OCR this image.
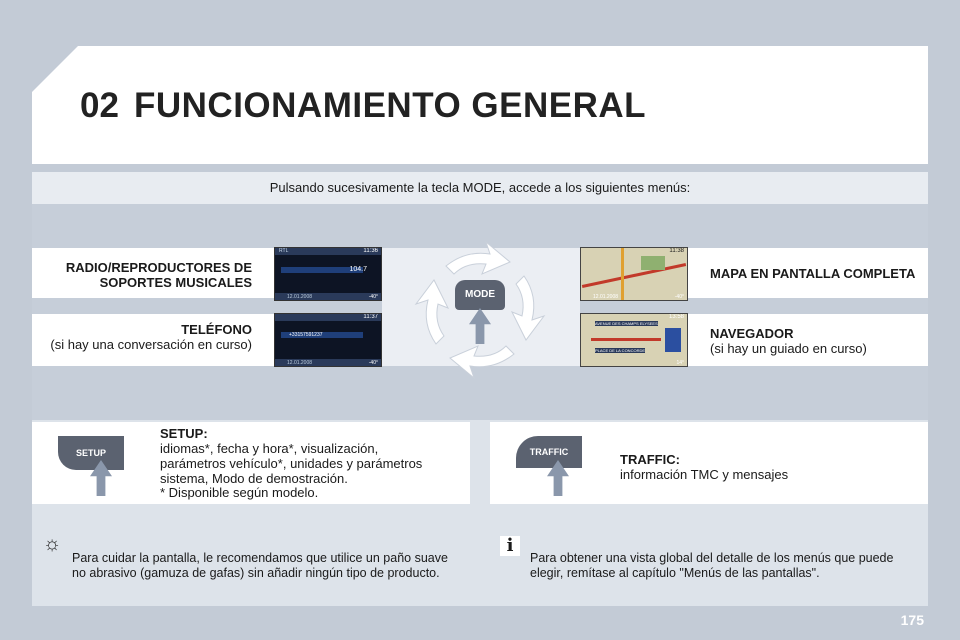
02 FUNCIONAMIENTO GENERAL
Pulsando sucesivamente la tecla MODE, accede a los siguientes menús:
RADIO/REPRODUCTORES DE
SOPORTES MUSICALES
TELÉFONO
(si hay una conversación en curso)
MAPA EN PANTALLA COMPLETA
NAVEGADOR
(si hay un guiado en curso)
RTL	11:36
104.7
12.01.2008	-40°
11:37
+33157591237
12.01.2008	-40°
11:38
12.01.2008	-40°
13:58
AVENUE DES CHAMPS ELYSEES
PLACE DE LA CONCORDE
14°
MODE
SETUP
SETUP:
idiomas*, fecha y hora*, visualización,
parámetros vehículo*, unidades y parámetros
sistema, Modo de demostración.
* Disponible según modelo.
TRAFFIC	TRAFFIC:
información TMC y mensajes
☼
Para cuidar la pantalla, le recomendamos que utilice un paño suave
no abrasivo (gamuza de gafas) sin añadir ningún tipo de producto.
i
Para obtener una vista global del detalle de los menús que puede
elegir, remítase al capítulo "Menús de las pantallas".
175
